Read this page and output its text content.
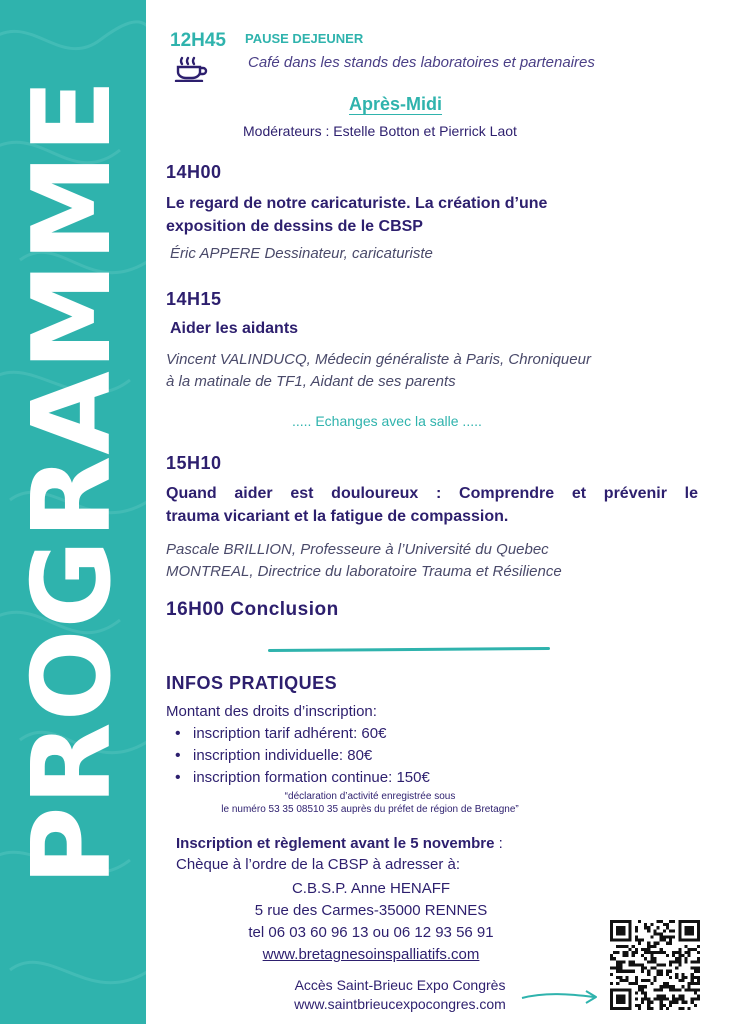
PROGRAMME
12H45 PAUSE DEJEUNER
Café dans les stands des laboratoires et partenaires
Après-Midi
Modérateurs : Estelle Botton et Pierrick Laot
14H00
Le regard de notre caricaturiste. La création d’une
exposition de dessins de le CBSP
Éric APPERE Dessinateur, caricaturiste
14H15
Aider les aidants
Vincent VALINDUCQ, Médecin généraliste à Paris, Chroniqueur
à la matinale de TF1, Aidant de ses parents
..... Echanges avec la salle .....
15H10
Quand aider est douloureux : Comprendre et prévenir le
trauma vicariant et la fatigue de compassion.
Pascale BRILLION, Professeure à l’Université du Quebec
MONTREAL, Directrice du laboratoire Trauma et Résilience
16H00 Conclusion
INFOS PRATIQUES
Montant des droits d’inscription:
• inscription tarif adhérent: 60€
• inscription individuelle: 80€
• inscription formation continue: 150€
“déclaration d’activité enregistrée sous
le numéro 53 35 08510 35 auprès du préfet de région de Bretagne”
Inscription et règlement avant le 5 novembre :
Chèque à l’ordre de la CBSP à adresser à:
C.B.S.P. Anne HENAFF
5 rue des Carmes-35000 RENNES
tel 06 03 60 96 13 ou 06 12 93 56 91
www.bretagnesoinspalliatifs.com
Accès Saint-Brieuc Expo Congrès
www.saintbrieucexpocongres.com
